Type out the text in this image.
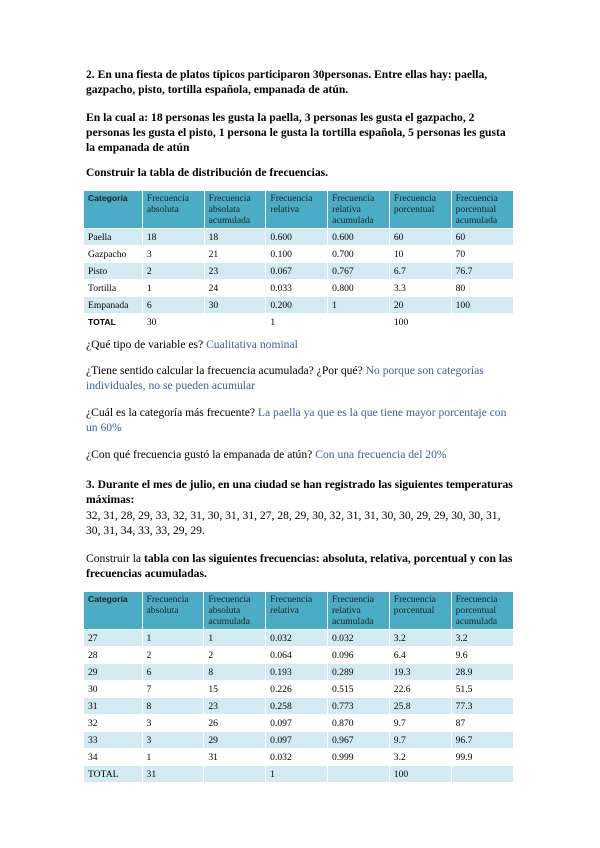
2. En una fiesta de platos típicos participaron 30personas. Entre ellas hay: paella, gazpacho, pisto, tortilla española, empanada de atún.
En la cual a: 18 personas les gusta la paella, 3 personas les gusta el gazpacho, 2 personas les gusta el pisto, 1 persona le gusta la tortilla española, 5 personas les gusta la empanada de atún
Construir la tabla de distribución de frecuencias.
Categoría	Frecuencia absoluta	Frecuencia absolata acumulada	Frecuencia relativa	Frecuencia relativa acumulada	Frecuencia porcentual	Frecuencia porcentual acumulada
Paella	18	18	0.600	0.600	60	60
Gazpacho	3	21	0.100	0.700	10	70
Pisto	2	23	0.067	0.767	6.7	76.7
Tortilla	1	24	0.033	0.800	3.3	80
Empanada	6	30	0.200	1	20	100
TOTAL	30		1		100	
¿Qué tipo de variable es? Cualitativa nominal
¿Tiene sentido calcular la frecuencia acumulada? ¿Por qué? No porque son categorías individuales, no se pueden acumular
¿Cuál es la categoría más frecuente? La paella ya que es la que tiene mayor porcentaje con un 60%
¿Con qué frecuencia gustó la empanada de atún? Con una frecuencia del 20%
3. Durante el mes de julio, en una ciudad se han registrado las siguientes temperaturas máximas:
32, 31, 28, 29, 33, 32, 31, 30, 31, 31, 27, 28, 29, 30, 32, 31, 31, 30, 30, 29, 29, 30, 30, 31, 30, 31, 34, 33, 33, 29, 29.
Construir la tabla con las siguientes frecuencias: absoluta, relativa, porcentual y con las frecuencias acumuladas.
Categoría	Frecuencia absoluta	Frecuencia absoluta acumulada	Frecuencia relativa	Frecuencia relativa acumulada	Frecuencia porcentual	Frecuencia porcentual acumulada
27	1	1	0.032	0.032	3.2	3.2
28	2	2	0.064	0.096	6.4	9.6
29	6	8	0.193	0.289	19.3	28.9
30	7	15	0.226	0.515	22.6	51.5
31	8	23	0.258	0.773	25.8	77.3
32	3	26	0.097	0.870	9.7	87
33	3	29	0.097	0.967	9.7	96.7
34	1	31	0.032	0.999	3.2	99.9
TOTAL	31		1		100	
